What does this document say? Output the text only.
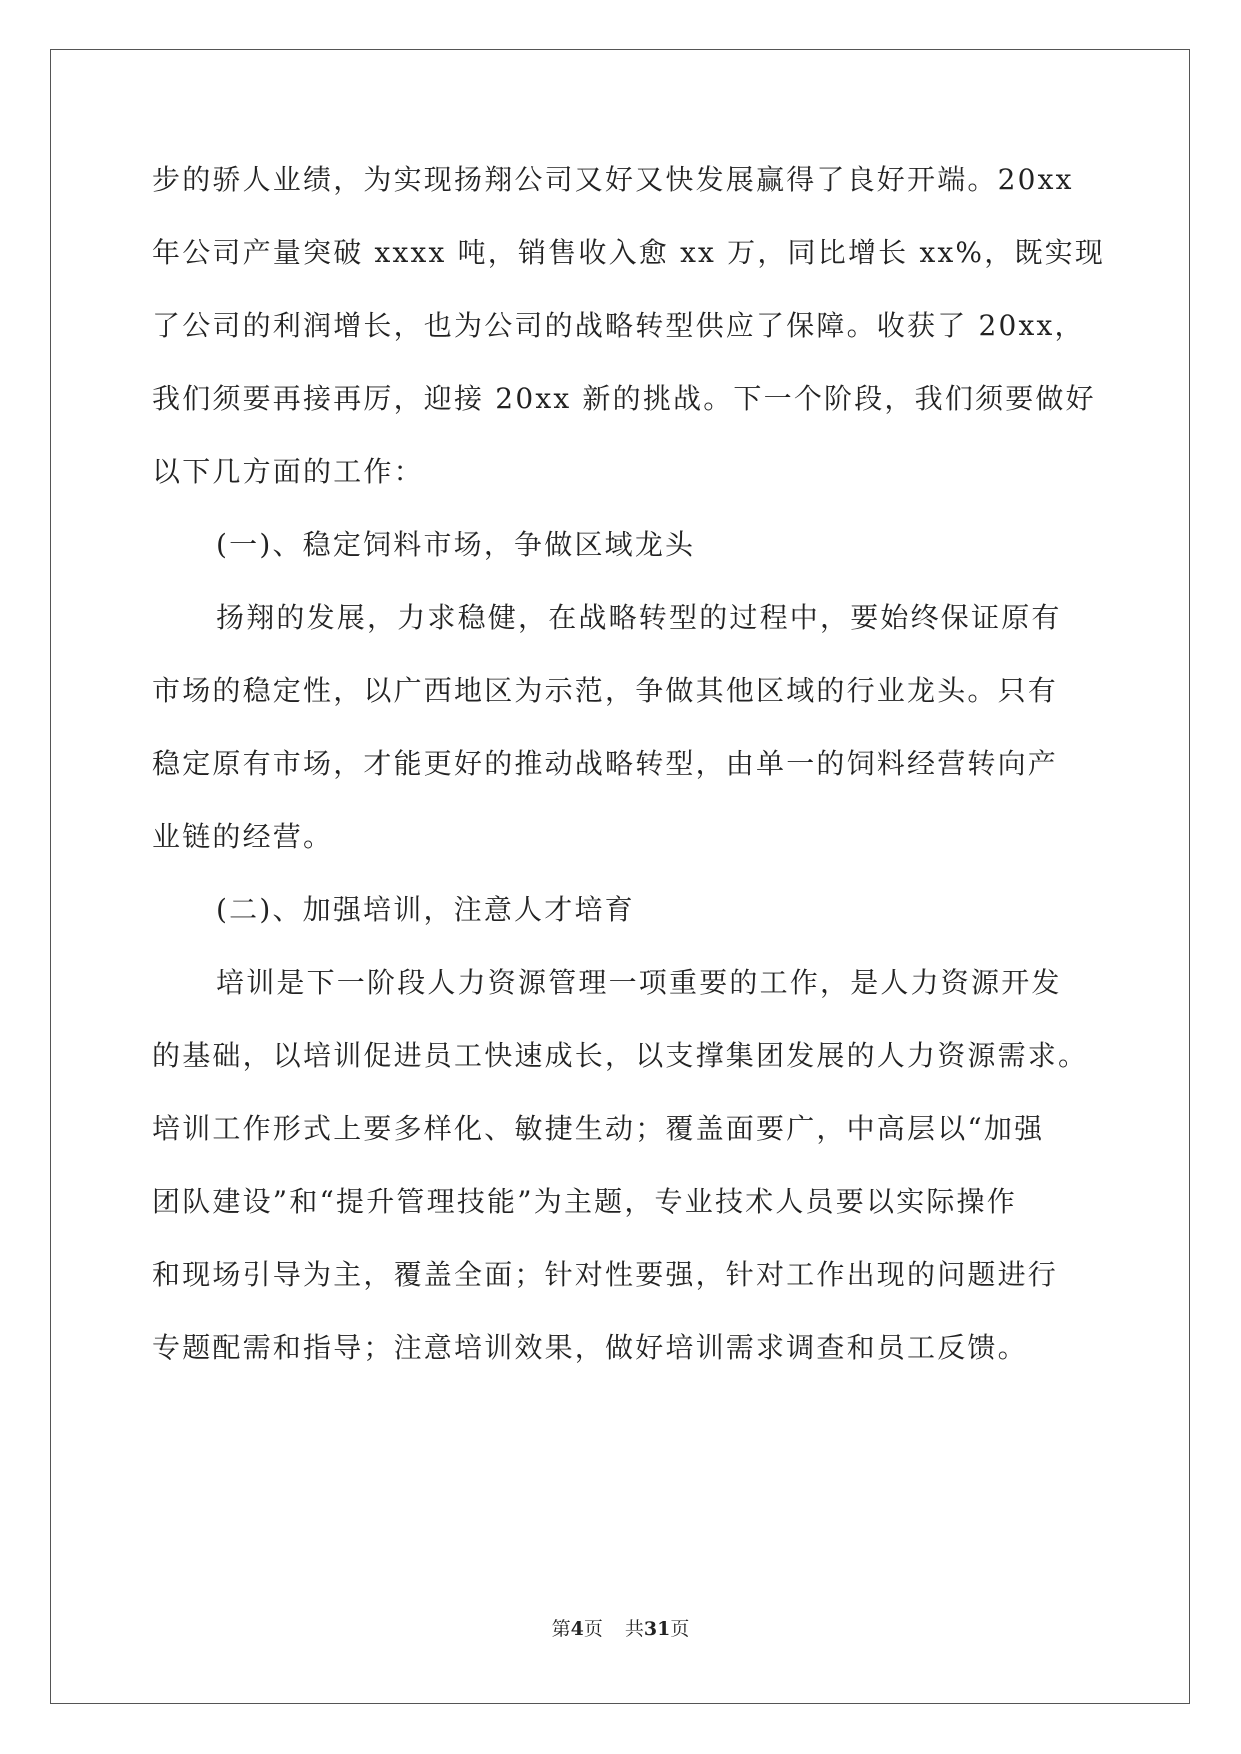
步的骄人业绩，为实现扬翔公司又好又快发展赢得了良好开端。20xx
年公司产量突破 xxxx 吨，销售收入愈 xx 万，同比增长 xx%，既实现
了公司的利润增长，也为公司的战略转型供应了保障。收获了 20xx，
我们须要再接再厉，迎接 20xx 新的挑战。下一个阶段，我们须要做好
以下几方面的工作：
(一)、稳定饲料市场，争做区域龙头
扬翔的发展，力求稳健，在战略转型的过程中，要始终保证原有
市场的稳定性，以广西地区为示范，争做其他区域的行业龙头。只有
稳定原有市场，才能更好的推动战略转型，由单一的饲料经营转向产
业链的经营。
(二)、加强培训，注意人才培育
培训是下一阶段人力资源管理一项重要的工作，是人力资源开发
的基础，以培训促进员工快速成长，以支撑集团发展的人力资源需求。
培训工作形式上要多样化、敏捷生动；覆盖面要广，中高层以“加强
团队建设”和“提升管理技能”为主题，专业技术人员要以实际操作
和现场引导为主，覆盖全面；针对性要强，针对工作出现的问题进行
专题配需和指导；注意培训效果，做好培训需求调查和员工反馈。
第4页 共31页
